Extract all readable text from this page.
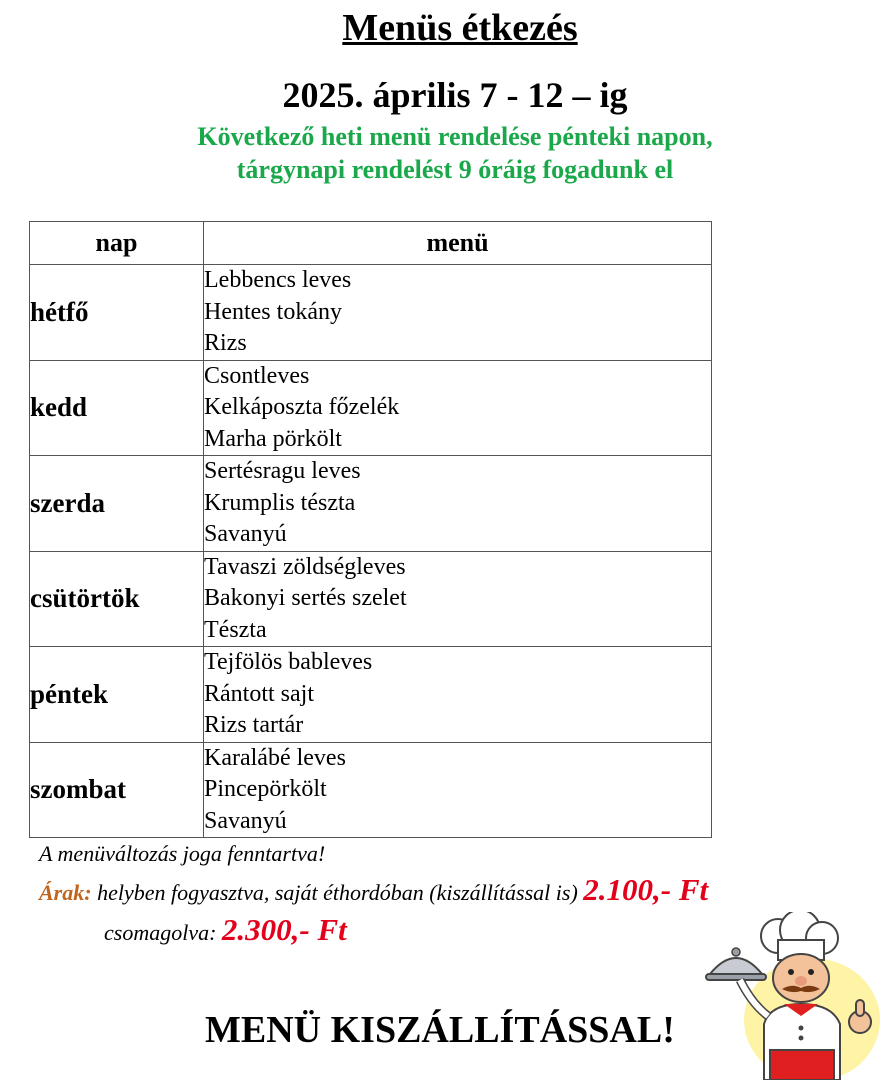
Menüs étkezés
2025. április 7 - 12 – ig
Következő heti menü rendelése pénteki napon,
tárgynapi rendelést 9 óráig fogadunk el
nap	menü
hétfő	Lebbencs leves
Hentes tokány
Rizs

kedd	Csontleves
Kelkáposzta főzelék
Marha pörkölt

szerda	Sertésragu leves
Krumplis tészta
Savanyú

csütörtök	Tavaszi zöldségleves
Bakonyi sertés szelet
Tészta

péntek	Tejfölös bableves
Rántott sajt
Rizs tartár

szombat	Karalábé leves
Pincepörkölt
Savanyú
A menüváltozás joga fenntartva!
Árak: helyben fogyasztva, saját éthordóban (kiszállítással is) 2.100,- Ft
csomagolva: 2.300,- Ft
MENÜ KISZÁLLÍTÁSSAL!
